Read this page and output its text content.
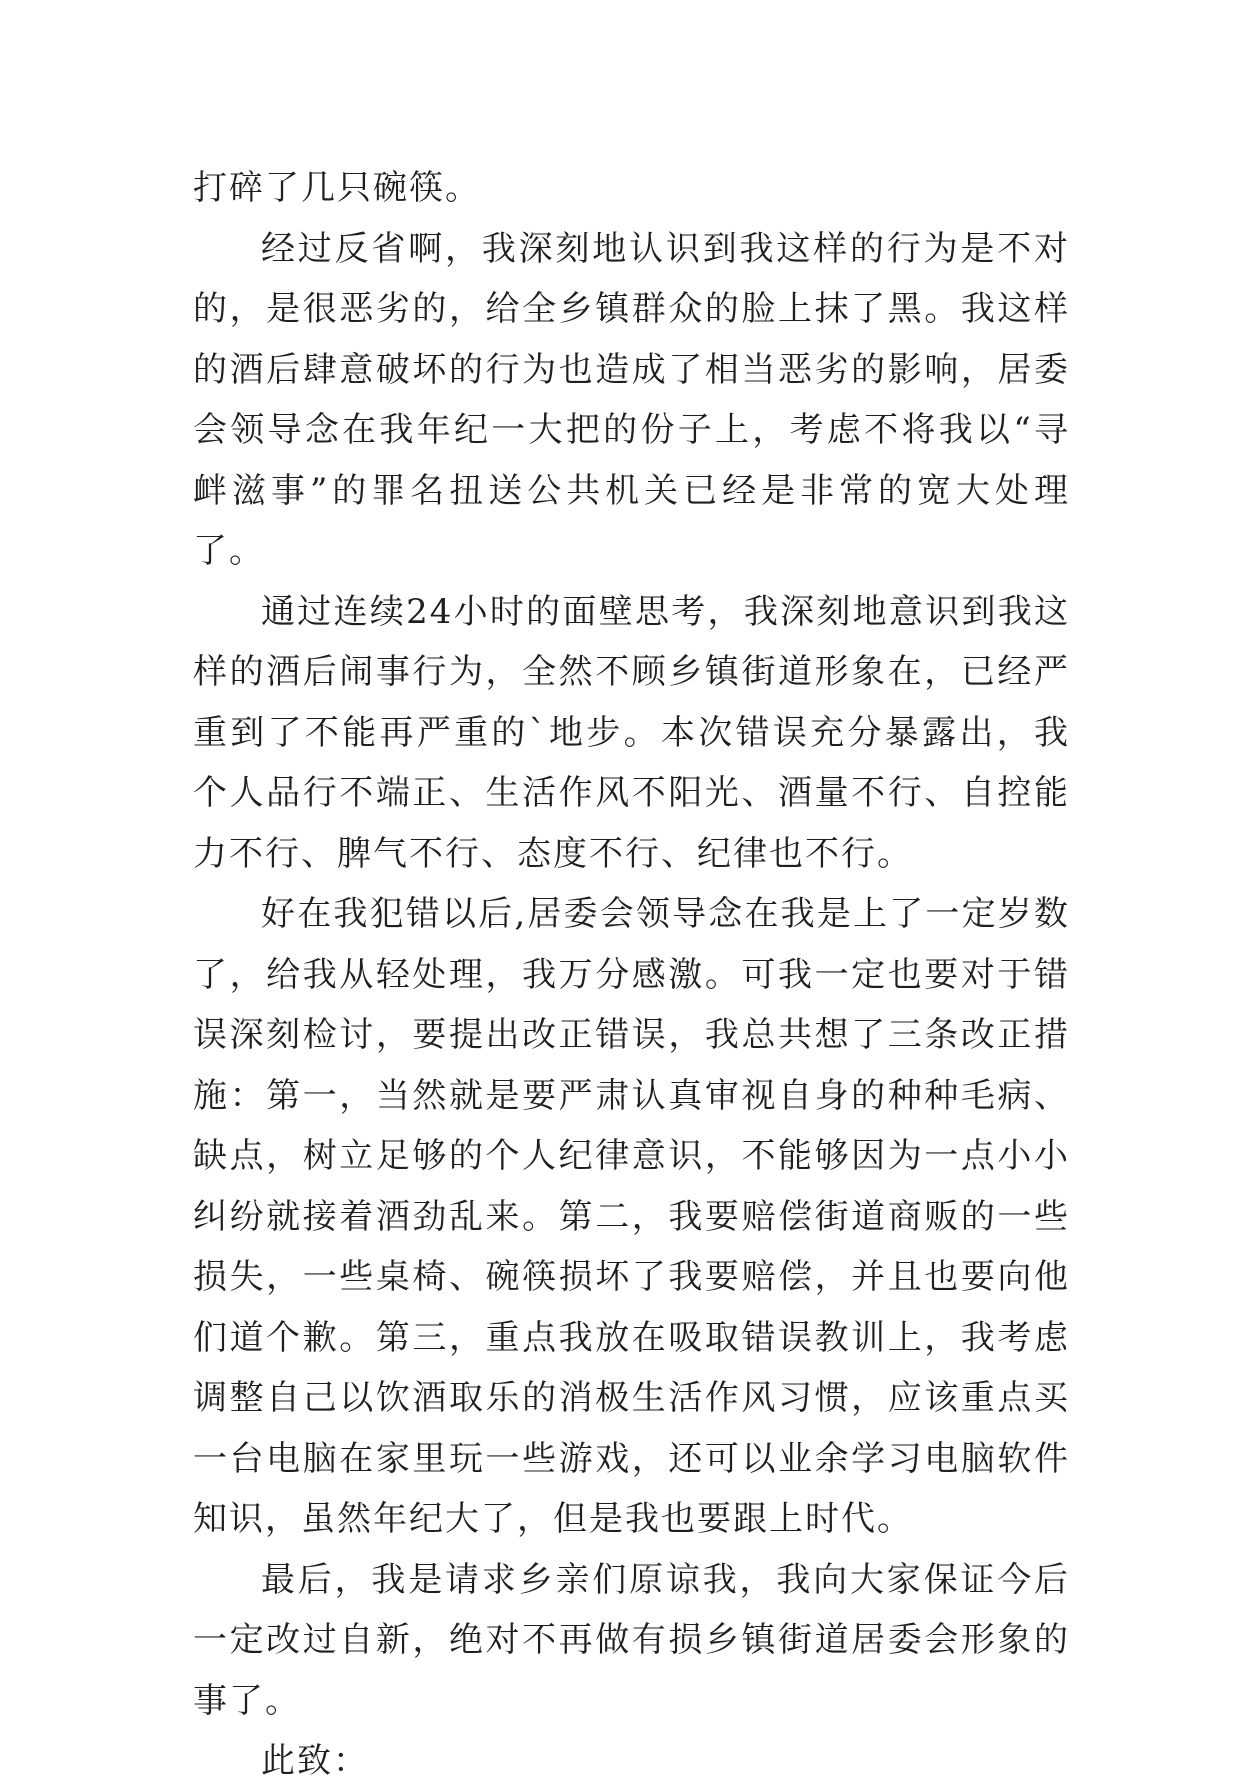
打碎了几只碗筷。

经过反省啊，我深刻地认识到我这样的行为是不对的，是很恶劣的，给全乡镇群众的脸上抹了黑。我这样的酒后肆意破坏的行为也造成了相当恶劣的影响，居委会领导念在我年纪一大把的份子上，考虑不将我以“寻衅滋事”的罪名扭送公共机关已经是非常的宽大处理了。

通过连续24小时的面壁思考，我深刻地意识到我这样的酒后闹事行为，全然不顾乡镇街道形象在，已经严重到了不能再严重的`地步。本次错误充分暴露出，我个人品行不端正、生活作风不阳光、酒量不行、自控能力不行、脾气不行、态度不行、纪律也不行。

好在我犯错以后,居委会领导念在我是上了一定岁数了，给我从轻处理，我万分感激。可我一定也要对于错误深刻检讨，要提出改正错误，我总共想了三条改正措施：第一，当然就是要严肃认真审视自身的种种毛病、缺点，树立足够的个人纪律意识，不能够因为一点小小纠纷就接着酒劲乱来。第二，我要赔偿街道商贩的一些损失，一些桌椅、碗筷损坏了我要赔偿，并且也要向他们道个歉。第三，重点我放在吸取错误教训上，我考虑调整自己以饮酒取乐的消极生活作风习惯，应该重点买一台电脑在家里玩一些游戏，还可以业余学习电脑软件知识，虽然年纪大了，但是我也要跟上时代。

最后，我是请求乡亲们原谅我，我向大家保证今后一定改过自新，绝对不再做有损乡镇街道居委会形象的事了。

此致：
